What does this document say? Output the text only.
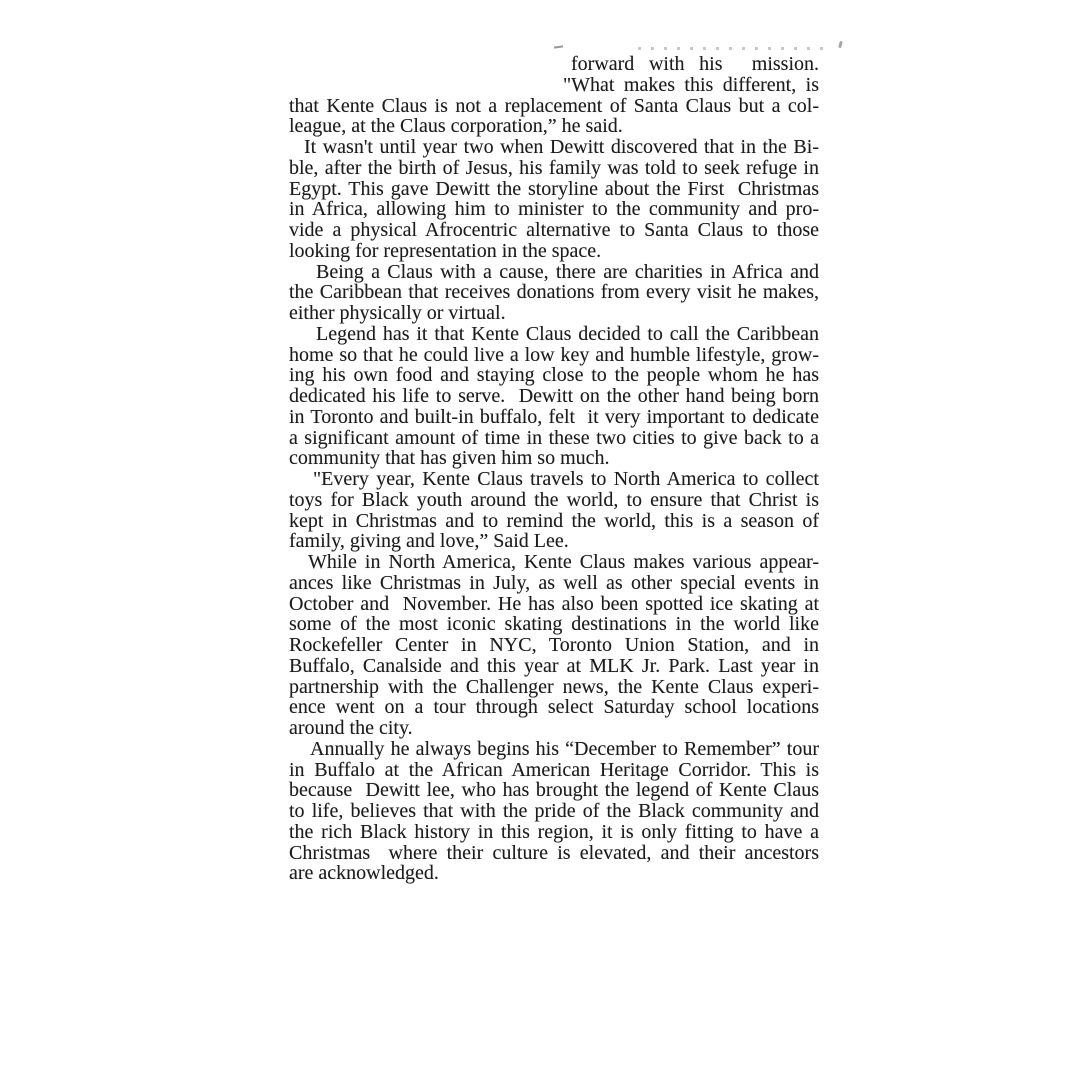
forward with his  mission.
"What makes this different, is
that Kente Claus is not a replacement of Santa Claus but a col-
league, at the Claus corporation,” he said.
It wasn't until year two when Dewitt discovered that in the Bi-
ble, after the birth of Jesus, his family was told to seek refuge in
Egypt. This gave Dewitt the storyline about the First  Christmas
in Africa, allowing him to minister to the community and pro-
vide a physical Afrocentric alternative to Santa Claus to those
looking for representation in the space.
Being a Claus with a cause, there are charities in Africa and
the Caribbean that receives donations from every visit he makes,
either physically or virtual.
Legend has it that Kente Claus decided to call the Caribbean
home so that he could live a low key and humble lifestyle, grow-
ing his own food and staying close to the people whom he has
dedicated his life to serve.  Dewitt on the other hand being born
in Toronto and built-in buffalo, felt  it very important to dedicate
a significant amount of time in these two cities to give back to a
community that has given him so much.
"Every year, Kente Claus travels to North America to collect
toys for Black youth around the world, to ensure that Christ is
kept in Christmas and to remind the world, this is a season of
family, giving and love,” Said Lee.
While in North America, Kente Claus makes various appear-
ances like Christmas in July, as well as other special events in
October and  November. He has also been spotted ice skating at
some of the most iconic skating destinations in the world like
Rockefeller Center in NYC, Toronto Union Station, and in
Buffalo, Canalside and this year at MLK Jr. Park. Last year in
partnership with the Challenger news, the Kente Claus experi-
ence went on a tour through select Saturday school locations
around the city.
Annually he always begins his “December to Remember” tour
in Buffalo at the African American Heritage Corridor. This is
because  Dewitt lee, who has brought the legend of Kente Claus
to life, believes that with the pride of the Black community and
the rich Black history in this region, it is only fitting to have a
Christmas  where their culture is elevated, and their ancestors
are acknowledged.
